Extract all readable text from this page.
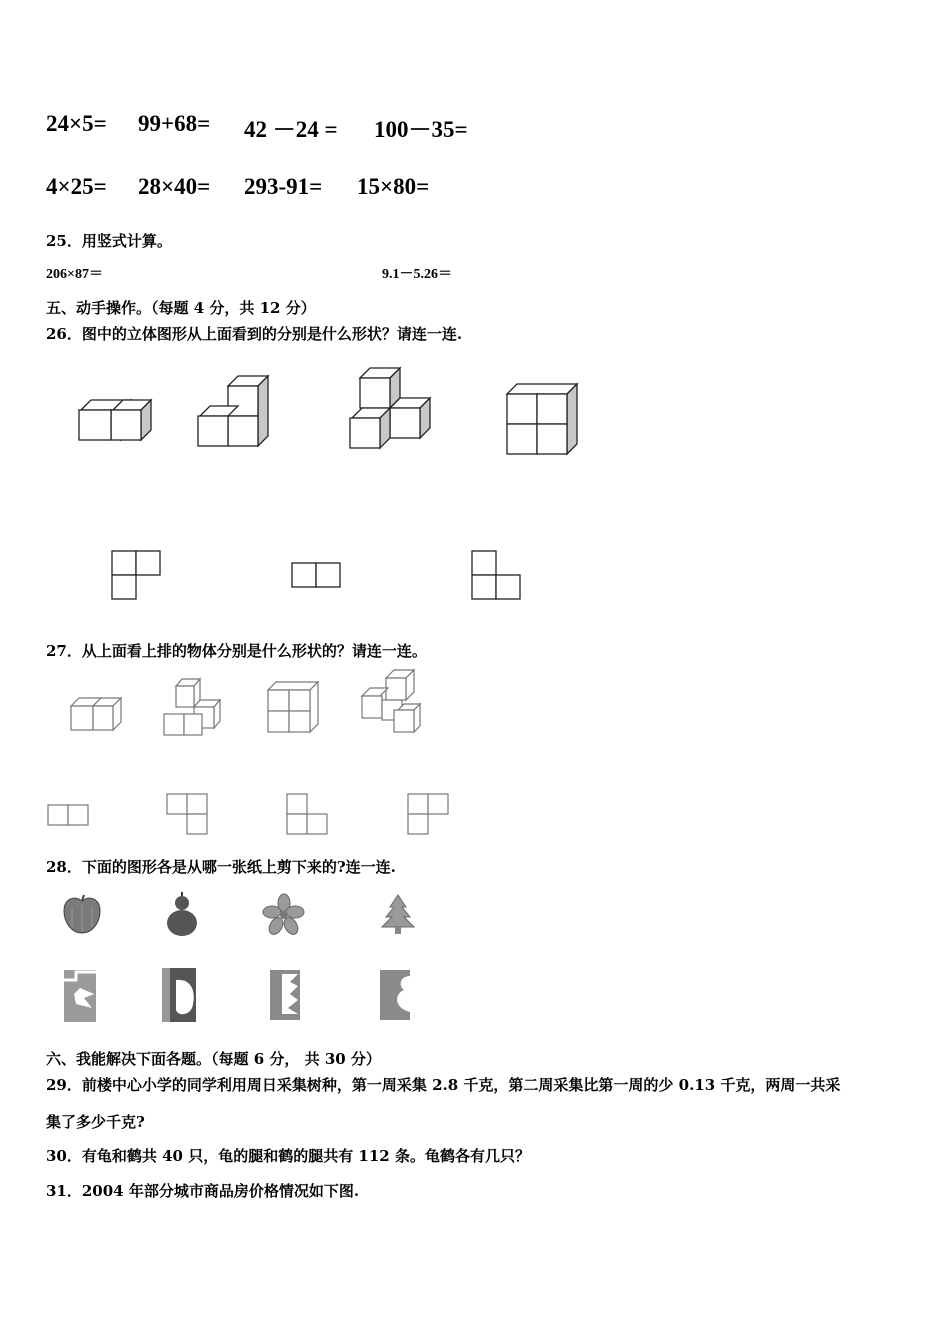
24×5= 99+68= 42 －24 = 100－35=
4×25= 28×40= 293-91= 15×80=
25．用竖式计算。
206×87＝	9.1－5.26＝
五、动手操作。（每题 4 分，共 12 分）
26．图中的立体图形从上面看到的分别是什么形状？请连一连.
27．从上面看上排的物体分别是什么形状的？请连一连。
28．下面的图形各是从哪一张纸上剪下来的?连一连.
六、我能解决下面各题。（每题 6 分， 共 30 分）
29．前楼中心小学的同学利用周日采集树种，第一周采集 2.8 千克，第二周采集比第一周的少 0.13 千克，两周一共采
集了多少千克?
30．有龟和鹤共 40 只，龟的腿和鹤的腿共有 112 条。龟鹤各有几只？
31．2004 年部分城市商品房价格情况如下图.
